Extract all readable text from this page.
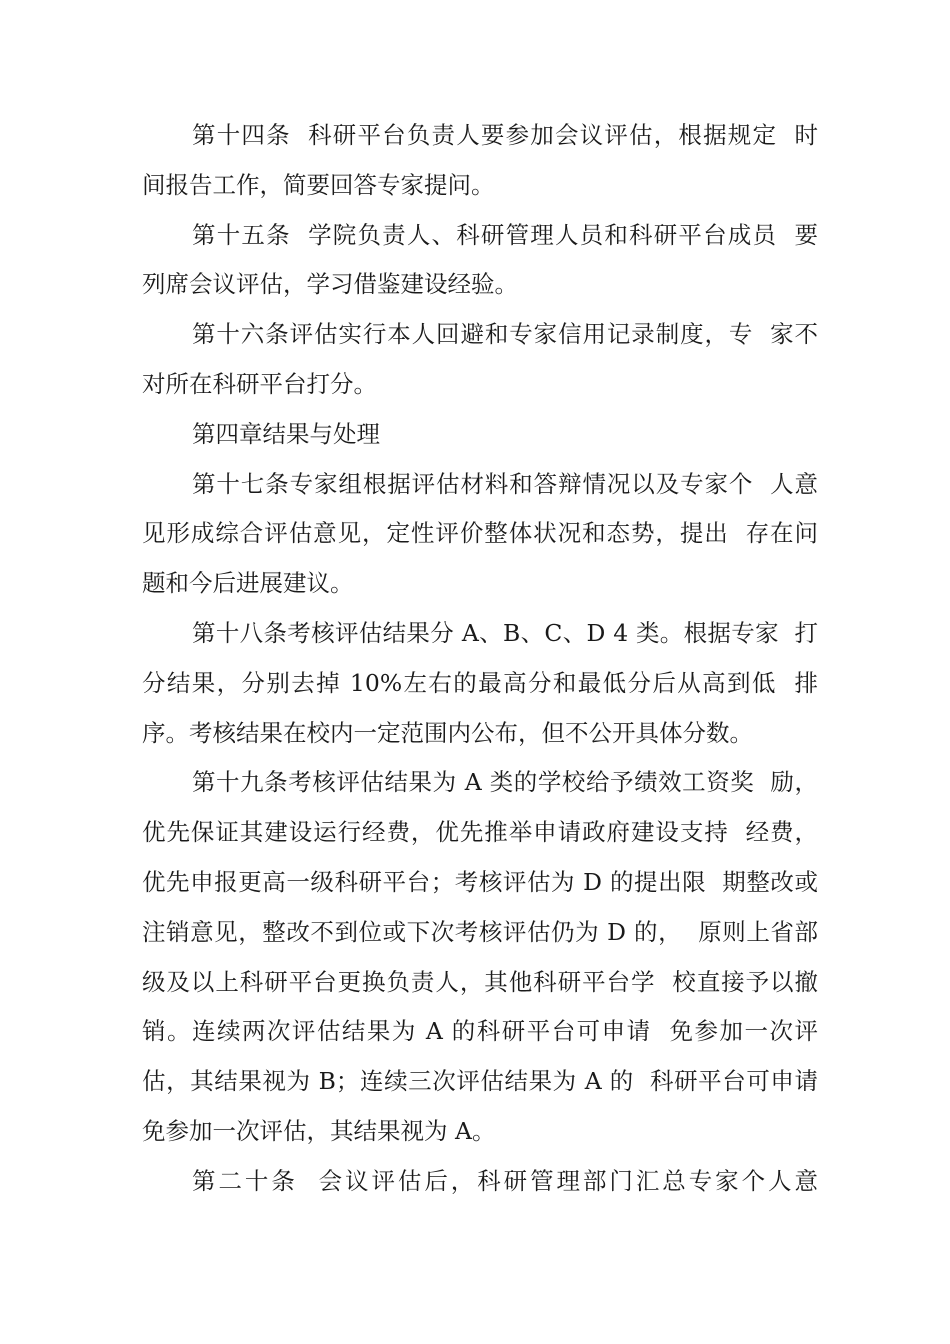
第十四条  科研平台负责人要参加会议评估，根据规定  时
间报告工作，简要回答专家提问。
第十五条  学院负责人、科研管理人员和科研平台成员  要
列席会议评估，学习借鉴建设经验。
第十六条评估实行本人回避和专家信用记录制度，专  家不
对所在科研平台打分。
第四章结果与处理
第十七条专家组根据评估材料和答辩情况以及专家个  人意
见形成综合评估意见，定性评价整体状况和态势，提出  存在问
题和今后进展建议。
第十八条考核评估结果分 A、B、C、D 4 类。根据专家  打
分结果，分别去掉 10%左右的最高分和最低分后从高到低  排
序。考核结果在校内一定范围内公布，但不公开具体分数。
第十九条考核评估结果为 A 类的学校给予绩效工资奖  励，
优先保证其建设运行经费，优先推举申请政府建设支持  经费，
优先申报更高一级科研平台；考核评估为 D 的提出限  期整改或
注销意见，整改不到位或下次考核评估仍为 D 的，  原则上省部
级及以上科研平台更换负责人，其他科研平台学  校直接予以撤
销。连续两次评估结果为 A 的科研平台可申请  免参加一次评
估，其结果视为 B；连续三次评估结果为 A 的  科研平台可申请
免参加一次评估，其结果视为 A。
第二十条  会议评估后，科研管理部门汇总专家个人意
